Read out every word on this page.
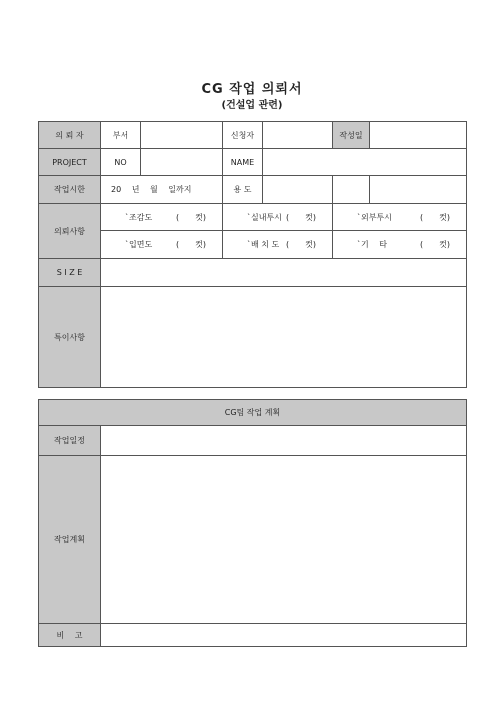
CG 작업 의뢰서
(건설업 관련)
의 뢰 자	부서		신청자		작성일	
PROJECT	NO		NAME			
작업시한	20　 년　 월　 일까지		용 도			
의뢰사항	`조감도 (　　컷)		`실내투시 (　　컷)		`외부투시 (　　컷)	

	`입면도 (　　컷)		`배 치 도 (　　컷)		`기　 타 (　　컷)	

S I Z E						
특이사항						
CG팀 작업 계획	
작업일정	
작업계획	
비　 고	
